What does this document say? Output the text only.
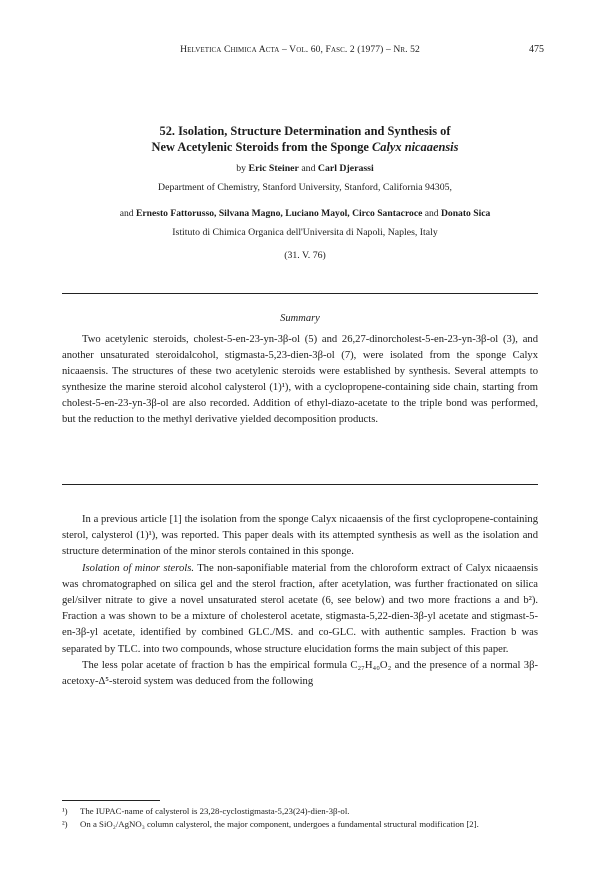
Helvetica Chimica Acta – Vol. 60, Fasc. 2 (1977) – Nr. 52	475
52. Isolation, Structure Determination and Synthesis of
New Acetylenic Steroids from the Sponge Calyx nicaaensis
by Eric Steiner and Carl Djerassi
Department of Chemistry, Stanford University, Stanford, California 94305,
and Ernesto Fattorusso, Silvana Magno, Luciano Mayol, Circo Santacroce and Donato Sica
Istituto di Chimica Organica dell'Universita di Napoli, Naples, Italy
(31. V. 76)
Summary

Two acetylenic steroids, cholest-5-en-23-yn-3β-ol (5) and 26,27-dinorcholest-5-en-23-yn-3β-ol (3), and another unsaturated steroidalcohol, stigmasta-5,23-dien-3β-ol (7), were isolated from the sponge Calyx nicaaensis. The structures of these two acetylenic steroids were established by synthesis. Several attempts to synthesize the marine steroid alcohol calysterol (1)¹), with a cyclopropene-containing side chain, starting from cholest-5-en-23-yn-3β-ol are also recorded. Addition of ethyl-diazo-acetate to the triple bond was performed, but the reduction to the methyl derivative yielded decomposition products.

In a previous article [1] the isolation from the sponge Calyx nicaaensis of the first cyclopropene-containing sterol, calysterol (1)¹), was reported. This paper deals with its attempted synthesis as well as the isolation and structure determination of the minor sterols contained in this sponge.

Isolation of minor sterols. The non-saponifiable material from the chloroform extract of Calyx nicaaensis was chromatographed on silica gel and the sterol fraction, after acetylation, was further fractionated on silica gel/silver nitrate to give a novel unsaturated sterol acetate (6, see below) and two more fractions a and b²). Fraction a was shown to be a mixture of cholesterol acetate, stigmasta-5,22-dien-3β-yl acetate and stigmast-5-en-3β-yl acetate, identified by combined GLC./MS. and co-GLC. with authentic samples. Fraction b was separated by TLC. into two compounds, whose structure elucidation forms the main subject of this paper.

The less polar acetate of fraction b has the empirical formula C₂₇H₄₀O₂ and the presence of a normal 3β-acetoxy-Δ⁵-steroid system was deduced from the following

¹) The IUPAC-name of calysterol is 23,28-cyclostigmasta-5,23(24)-dien-3β-ol.
²) On a SiO₂/AgNO₃ column calysterol, the major component, undergoes a fundamental structural modification [2].
